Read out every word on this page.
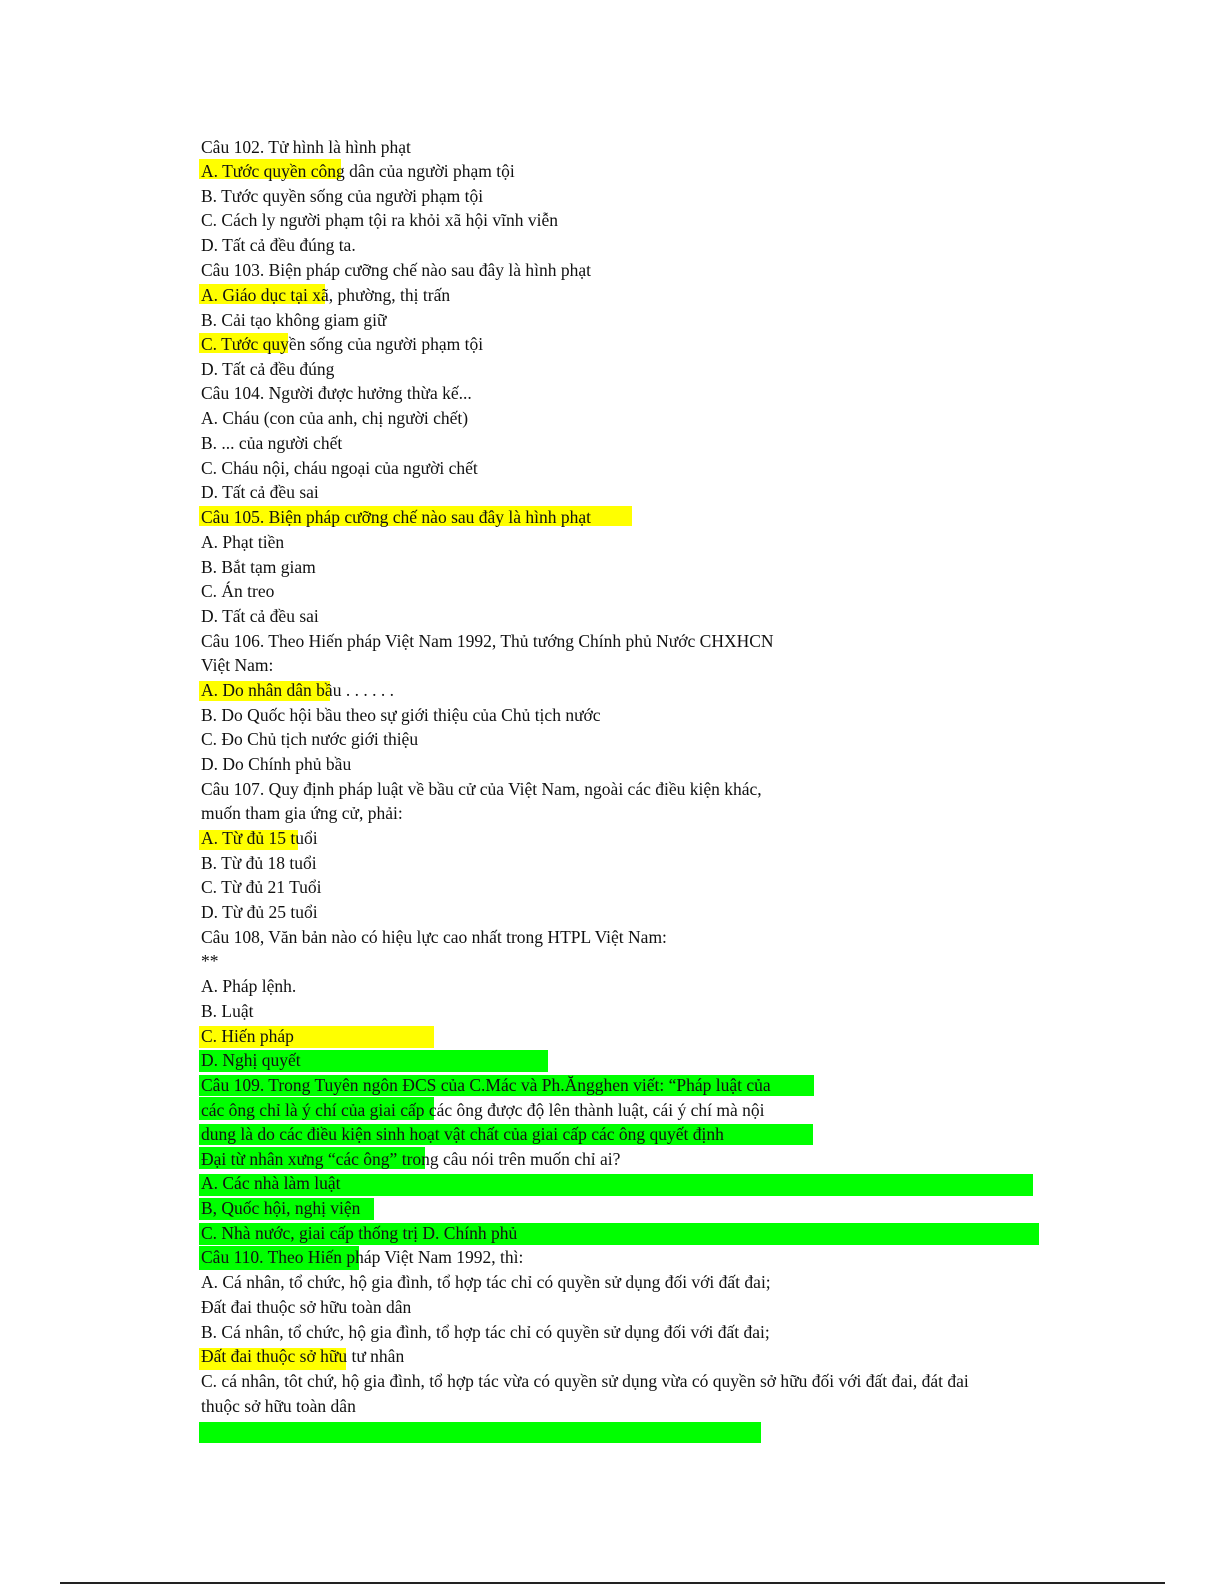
Câu 102. Tử hình là hình phạt
A. Tước quyền công dân của người phạm tội
B. Tước quyền sống của người phạm tội
C. Cách ly người phạm tội ra khỏi xã hội vĩnh viễn
D. Tất cả đều đúng ta.
Câu 103. Biện pháp cưỡng chế nào sau đây là hình phạt
A. Giáo dục tại xã, phường, thị trấn
B. Cải tạo không giam giữ
C. Tước quyền sống của người phạm tội
D. Tất cả đều đúng
Câu 104. Người được hưởng thừa kế...
A. Cháu (con của anh, chị người chết)
B. ... của người chết
C. Cháu nội, cháu ngoại của người chết
D. Tất cả đều sai
Câu 105. Biện pháp cưỡng chế nào sau đây là hình phạt
A. Phạt tiền
B. Bắt tạm giam
C. Án treo
D. Tất cả đều sai
Câu 106. Theo Hiến pháp Việt Nam 1992, Thủ tướng Chính phủ Nước CHXHCN
Việt Nam:
A. Do nhân dân bầu . . . . . .
B. Do Quốc hội bầu theo sự giới thiệu của Chủ tịch nước
C. Đo Chủ tịch nước giới thiệu
D. Do Chính phủ bầu
Câu 107. Quy định pháp luật về bầu cử của Việt Nam, ngoài các điều kiện khác,
muốn tham gia ứng cử, phải:
A. Từ đủ 15 tuổi
B. Từ đủ 18 tuổi
C. Từ đủ 21 Tuổi
D. Từ đủ 25 tuổi
Câu 108, Văn bản nào có hiệu lực cao nhất trong HTPL Việt Nam:
**
A. Pháp lệnh.
B. Luật
C. Hiến pháp
D. Nghị quyết
Câu 109. Trong Tuyên ngôn ĐCS của C.Mác và Ph.Ăngghen viết: “Pháp luật của
các ông chỉ là ý chí của giai cấp các ông được độ lên thành luật, cái ý chí mà nội
dung là do các điều kiện sinh hoạt vật chất của giai cấp các ông quyết định
Đại từ nhân xưng “các ông” trong câu nói trên muốn chỉ ai?
A. Các nhà làm luật
B, Quốc hội, nghị viện
C. Nhà nước, giai cấp thống trị D. Chính phủ
Câu 110. Theo Hiến pháp Việt Nam 1992, thì:
A. Cá nhân, tổ chức, hộ gia đình, tổ hợp tác chỉ có quyền sử dụng đối với đất đai;
Đất đai thuộc sở hữu toàn dân
B. Cá nhân, tổ chức, hộ gia đình, tổ hợp tác chỉ có quyền sử dụng đối với đất đai;
Đất đai thuộc sở hữu tư nhân
C. cá nhân, tôt chứ, hộ gia đình, tổ hợp tác vừa có quyền sử dụng vừa có quyền sở hữu đối với đất đai, đát đai
thuộc sở hữu toàn dân
